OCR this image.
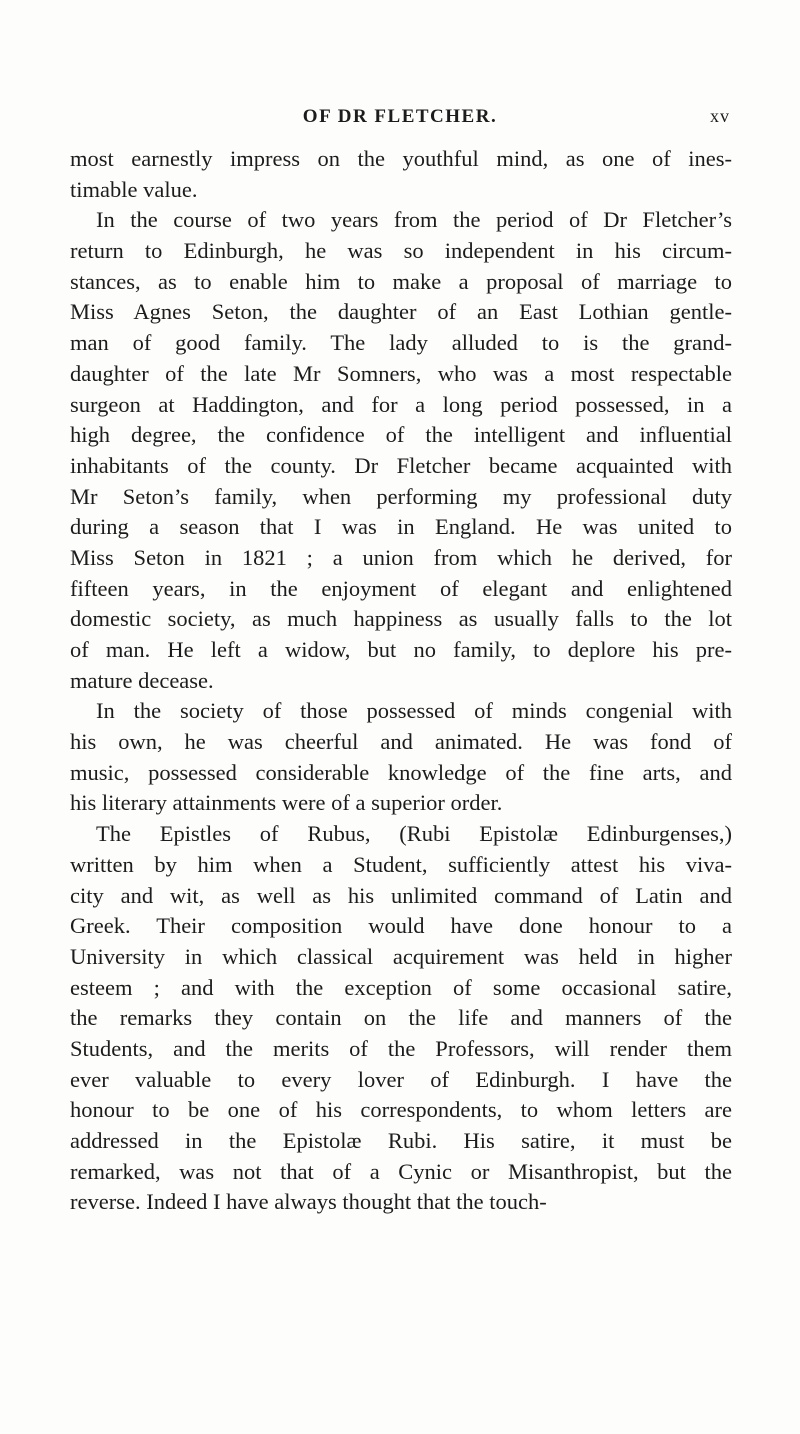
OF DR FLETCHER.	xv
most earnestly impress on the youthful mind, as one of ines-
timable value.
In the course of two years from the period of Dr Fletcher’s
return to Edinburgh, he was so independent in his circum-
stances, as to enable him to make a proposal of marriage to
Miss Agnes Seton, the daughter of an East Lothian gentle-
man of good family. The lady alluded to is the grand-
daughter of the late Mr Somners, who was a most respectable
surgeon at Haddington, and for a long period possessed, in a
high degree, the confidence of the intelligent and influential
inhabitants of the county. Dr Fletcher became acquainted with
Mr Seton’s family, when performing my professional duty
during a season that I was in England. He was united to
Miss Seton in 1821 ; a union from which he derived, for
fifteen years, in the enjoyment of elegant and enlightened
domestic society, as much happiness as usually falls to the lot
of man. He left a widow, but no family, to deplore his pre-
mature decease.
In the society of those possessed of minds congenial with
his own, he was cheerful and animated. He was fond of
music, possessed considerable knowledge of the fine arts, and
his literary attainments were of a superior order.
The Epistles of Rubus, (Rubi Epistolæ Edinburgenses,)
written by him when a Student, sufficiently attest his viva-
city and wit, as well as his unlimited command of Latin and
Greek. Their composition would have done honour to a
University in which classical acquirement was held in higher
esteem ; and with the exception of some occasional satire,
the remarks they contain on the life and manners of the
Students, and the merits of the Professors, will render them
ever valuable to every lover of Edinburgh. I have the
honour to be one of his correspondents, to whom letters are
addressed in the Epistolæ Rubi. His satire, it must be
remarked, was not that of a Cynic or Misanthropist, but the
reverse. Indeed I have always thought that the touch-
